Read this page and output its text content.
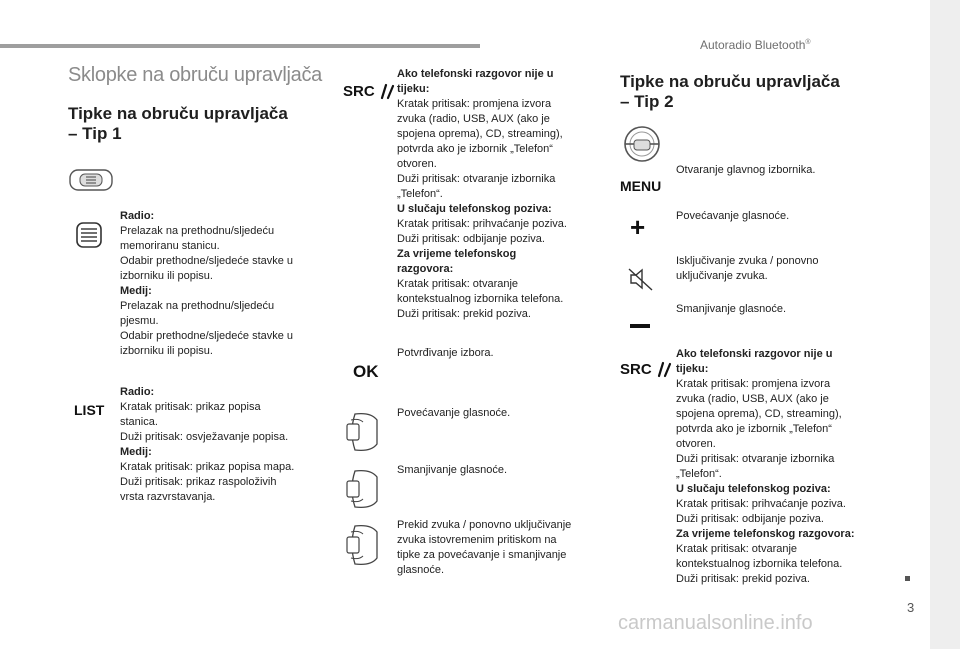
Autoradio Bluetooth®
3
carmanualsonline.info
Sklopke na obruču upravljača
Tipke na obruču upravljača
– Tip 1
Radio:
Prelazak na prethodnu/sljedeću
memoriranu stanicu.
Odabir prethodne/sljedeće stavke u
izborniku ili popisu.
Medij:
Prelazak na prethodnu/sljedeću
pjesmu.
Odabir prethodne/sljedeće stavke u
izborniku ili popisu.
LIST
Radio:
Kratak pritisak: prikaz popisa
stanica.
Duži pritisak: osvježavanje popisa.
Medij:
Kratak pritisak: prikaz popisa mapa.
Duži pritisak: prikaz raspoloživih
vrsta razvrstavanja.
SRC
Ako telefonski razgovor nije u
tijeku:
Kratak pritisak: promjena izvora
zvuka (radio, USB, AUX (ako je
spojena oprema), CD, streaming),
potvrda ako je izbornik „Telefon“
otvoren.
Duži pritisak: otvaranje izbornika
„Telefon“.
U slučaju telefonskog poziva:
Kratak pritisak: prihvaćanje poziva.
Duži pritisak: odbijanje poziva.
Za vrijeme telefonskog
razgovora:
Kratak pritisak: otvaranje
kontekstualnog izbornika telefona.
Duži pritisak: prekid poziva.
OK
Potvrđivanje izbora.
Povećavanje glasnoće.
Smanjivanje glasnoće.
Prekid zvuka / ponovno uključivanje
zvuka istovremenim pritiskom na
tipke za povećavanje i smanjivanje
glasnoće.
Tipke na obruču upravljača
– Tip 2
MENU
Otvaranje glavnog izbornika.
+	Povećavanje glasnoće.
Isključivanje zvuka / ponovno
uključivanje zvuka.
Smanjivanje glasnoće.
SRC
Ako telefonski razgovor nije u
tijeku:
Kratak pritisak: promjena izvora
zvuka (radio, USB, AUX (ako je
spojena oprema), CD, streaming),
potvrda ako je izbornik „Telefon“
otvoren.
Duži pritisak: otvaranje izbornika
„Telefon“.
U slučaju telefonskog poziva:
Kratak pritisak: prihvaćanje poziva.
Duži pritisak: odbijanje poziva.
Za vrijeme telefonskog razgovora:
Kratak pritisak: otvaranje
kontekstualnog izbornika telefona.
Duži pritisak: prekid poziva.
